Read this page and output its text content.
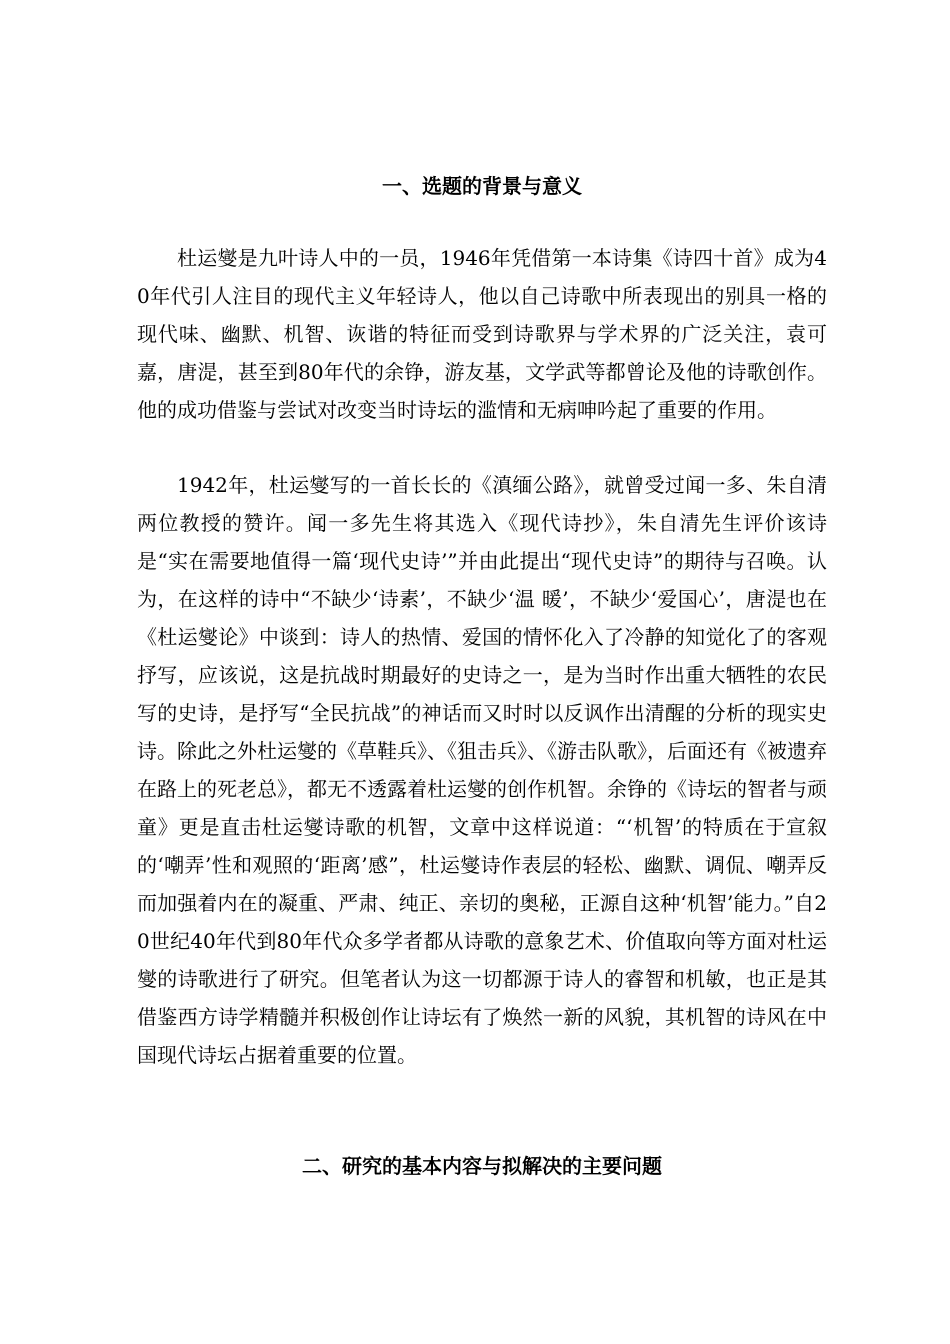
一、选题的背景与意义

杜运燮是九叶诗人中的一员，1946年凭借第一本诗集《诗四十首》成为40年代引人注目的现代主义年轻诗人，他以自己诗歌中所表现出的别具一格的现代味、幽默、机智、诙谐的特征而受到诗歌界与学术界的广泛关注，袁可嘉，唐湜，甚至到80年代的余铮，游友基，文学武等都曾论及他的诗歌创作。他的成功借鉴与尝试对改变当时诗坛的滥情和无病呻吟起了重要的作用。

1942年，杜运燮写的一首长长的《滇缅公路》，就曾受过闻一多、朱自清两位教授的赞许。闻一多先生将其选入《现代诗抄》，朱自清先生评价该诗是“实在需要地值得一篇‘现代史诗’”并由此提出“现代史诗”的期待与召唤。认为，在这样的诗中“不缺少‘诗素’，不缺少‘温 暖’，不缺少‘爱国心’，唐湜也在《杜运燮论》中谈到：诗人的热情、爱国的情怀化入了冷静的知觉化了的客观抒写，应该说，这是抗战时期最好的史诗之一，是为当时作出重大牺牲的农民写的史诗，是抒写“全民抗战”的神话而又时时以反讽作出清醒的分析的现实史诗。除此之外杜运燮的《草鞋兵》、《狙击兵》、《游击队歌》，后面还有《被遗弃在路上的死老总》，都无不透露着杜运燮的创作机智。余铮的《诗坛的智者与顽童》更是直击杜运燮诗歌的机智，文章中这样说道：“‘机智’的特质在于宣叙的‘嘲弄’性和观照的‘距离’感”，杜运燮诗作表层的轻松、幽默、调侃、嘲弄反而加强着内在的凝重、严肃、纯正、亲切的奥秘，正源自这种‘机智’能力。”自20世纪40年代到80年代众多学者都从诗歌的意象艺术、价值取向等方面对杜运燮的诗歌进行了研究。但笔者认为这一切都源于诗人的睿智和机敏，也正是其借鉴西方诗学精髓并积极创作让诗坛有了焕然一新的风貌，其机智的诗风在中国现代诗坛占据着重要的位置。

二、研究的基本内容与拟解决的主要问题
